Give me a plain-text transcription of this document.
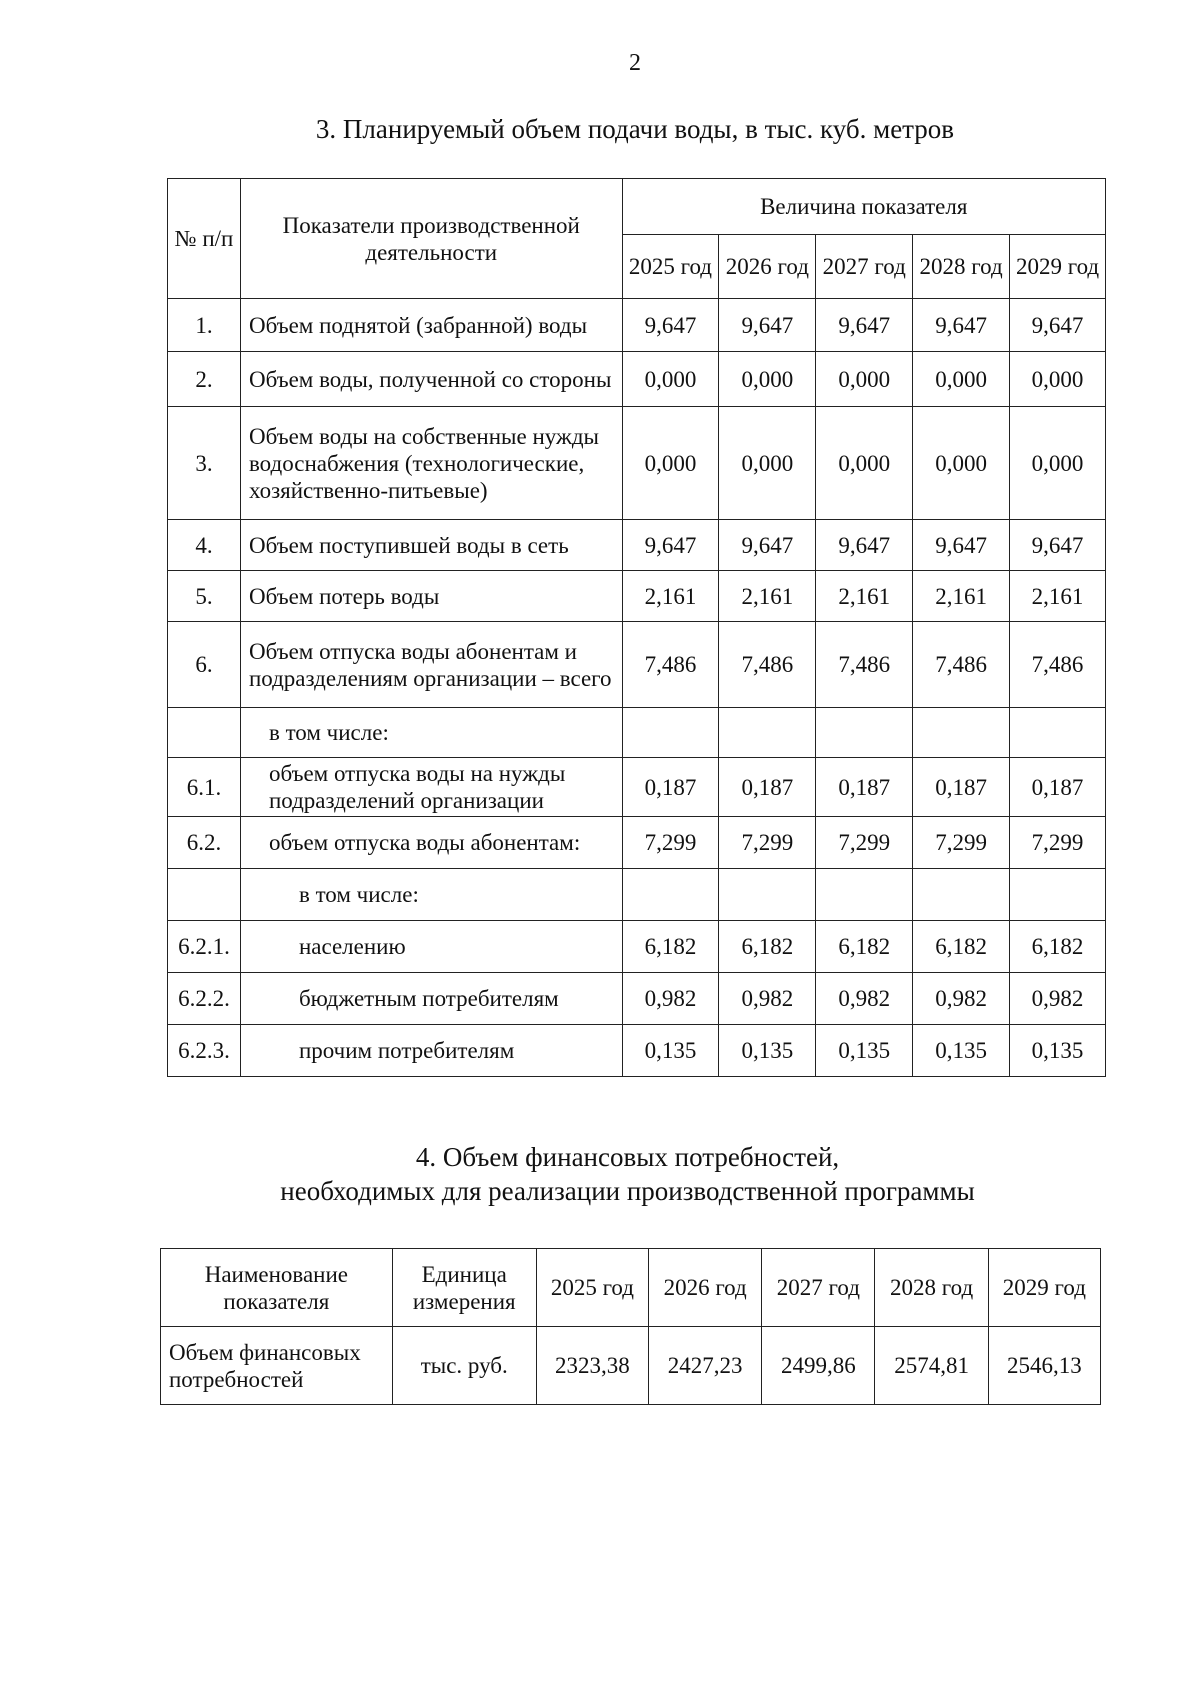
2
3. Планируемый объем подачи воды, в тыс. куб. метров
№ п/п	Показатели производственной деятельности	Величина показателя				
		2025 год	2026 год	2027 год	2028 год	2029 год
1.	Объем поднятой (забранной) воды	9,647	9,647	9,647	9,647	9,647
2.	Объем воды, полученной со стороны	0,000	0,000	0,000	0,000	0,000
3.	Объем воды на собственные нужды водоснабжения (технологические, хозяйственно-питьевые)	0,000	0,000	0,000	0,000	0,000
4.	Объем поступившей воды в сеть	9,647	9,647	9,647	9,647	9,647
5.	Объем потерь воды	2,161	2,161	2,161	2,161	2,161
6.	Объем отпуска воды абонентам и подразделениям организации – всего	7,486	7,486	7,486	7,486	7,486
	в том числе:					
6.1.	объем отпуска воды на нужды подразделений организации	0,187	0,187	0,187	0,187	0,187
6.2.	объем отпуска воды абонентам:	7,299	7,299	7,299	7,299	7,299
	в том числе:					
6.2.1.	населению	6,182	6,182	6,182	6,182	6,182
6.2.2.	бюджетным потребителям	0,982	0,982	0,982	0,982	0,982
6.2.3.	прочим потребителям	0,135	0,135	0,135	0,135	0,135
4. Объем финансовых потребностей,
необходимых для реализации производственной программы
Наименование показателя	Единица измерения	2025 год	2026 год	2027 год	2028 год	2029 год
Объем финансовых потребностей	тыс. руб.	2323,38	2427,23	2499,86	2574,81	2546,13
